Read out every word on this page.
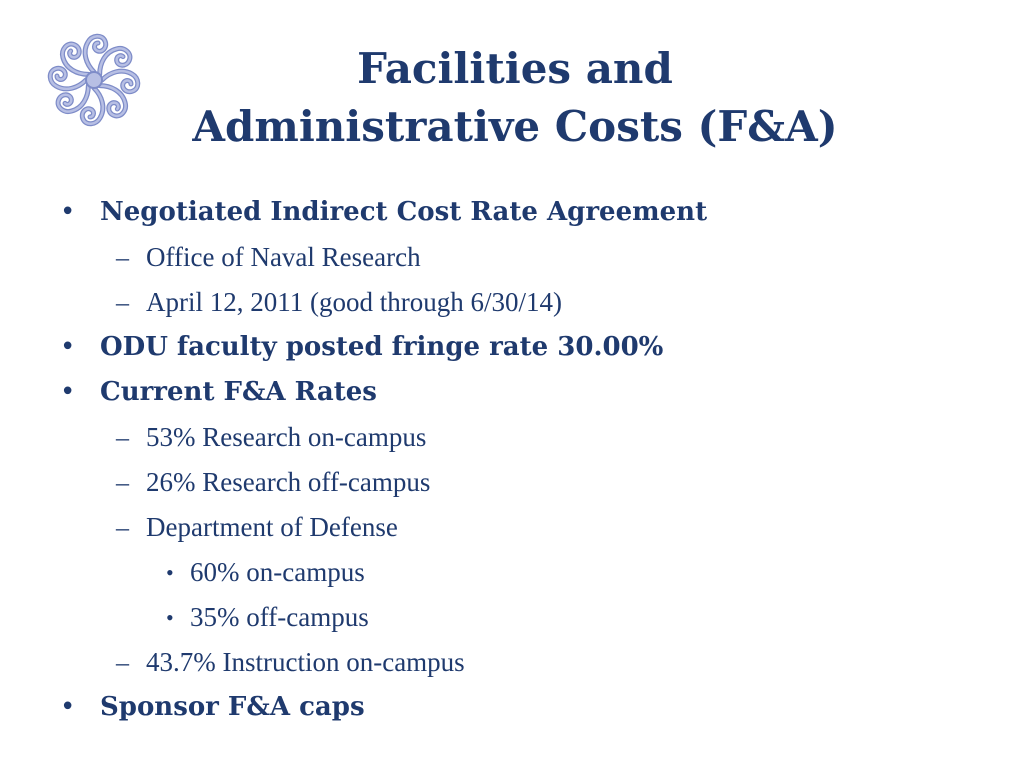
Facilities and
Administrative Costs (F&A)
• Negotiated Indirect Cost Rate Agreement
– Office of Naval Research
– April 12, 2011 (good through 6/30/14)
• ODU faculty posted fringe rate 30.00%
• Current F&A Rates
– 53% Research on-campus
– 26% Research off-campus
– Department of Defense
• 60% on-campus
• 35% off-campus
– 43.7% Instruction on-campus
• Sponsor F&A caps
